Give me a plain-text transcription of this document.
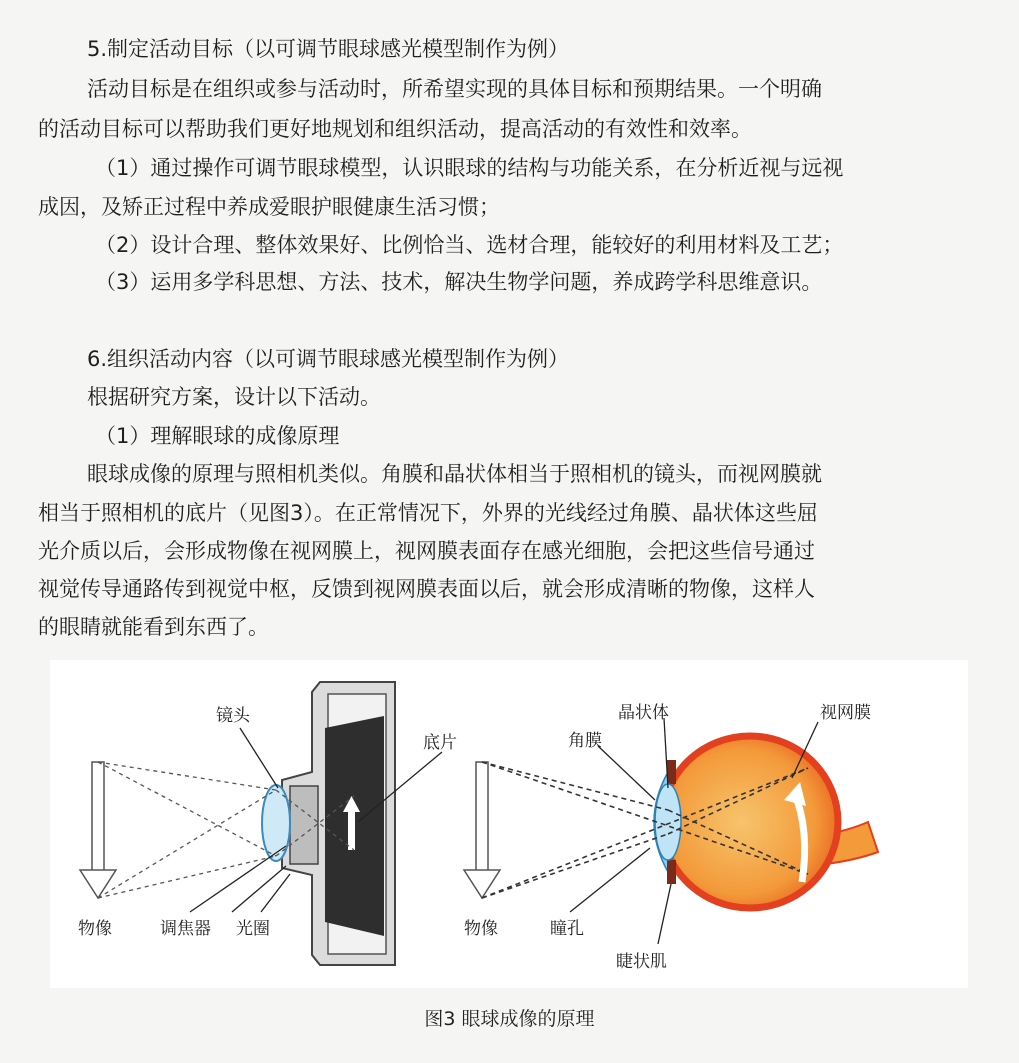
5.制定活动目标（以可调节眼球感光模型制作为例）
活动目标是在组织或参与活动时，所希望实现的具体目标和预期结果。一个明确
的活动目标可以帮助我们更好地规划和组织活动，提高活动的有效性和效率。
（1）通过操作可调节眼球模型，认识眼球的结构与功能关系，在分析近视与远视
成因，及矫正过程中养成爱眼护眼健康生活习惯；
（2）设计合理、整体效果好、比例恰当、选材合理，能较好的利用材料及工艺；
（3）运用多学科思想、方法、技术，解决生物学问题，养成跨学科思维意识。
6.组织活动内容（以可调节眼球感光模型制作为例）
根据研究方案，设计以下活动。
（1）理解眼球的成像原理
眼球成像的原理与照相机类似。角膜和晶状体相当于照相机的镜头，而视网膜就
相当于照相机的底片（见图3）。在正常情况下，外界的光线经过角膜、晶状体这些屈
光介质以后，会形成物像在视网膜上，视网膜表面存在感光细胞，会把这些信号通过
视觉传导通路传到视觉中枢，反馈到视网膜表面以后，就会形成清晰的物像，这样人
的眼睛就能看到东西了。
镜头
底片
物像	调焦器 光圈
晶状体	视网膜
角膜
物像	瞳孔
睫状肌
图3 眼球成像的原理
